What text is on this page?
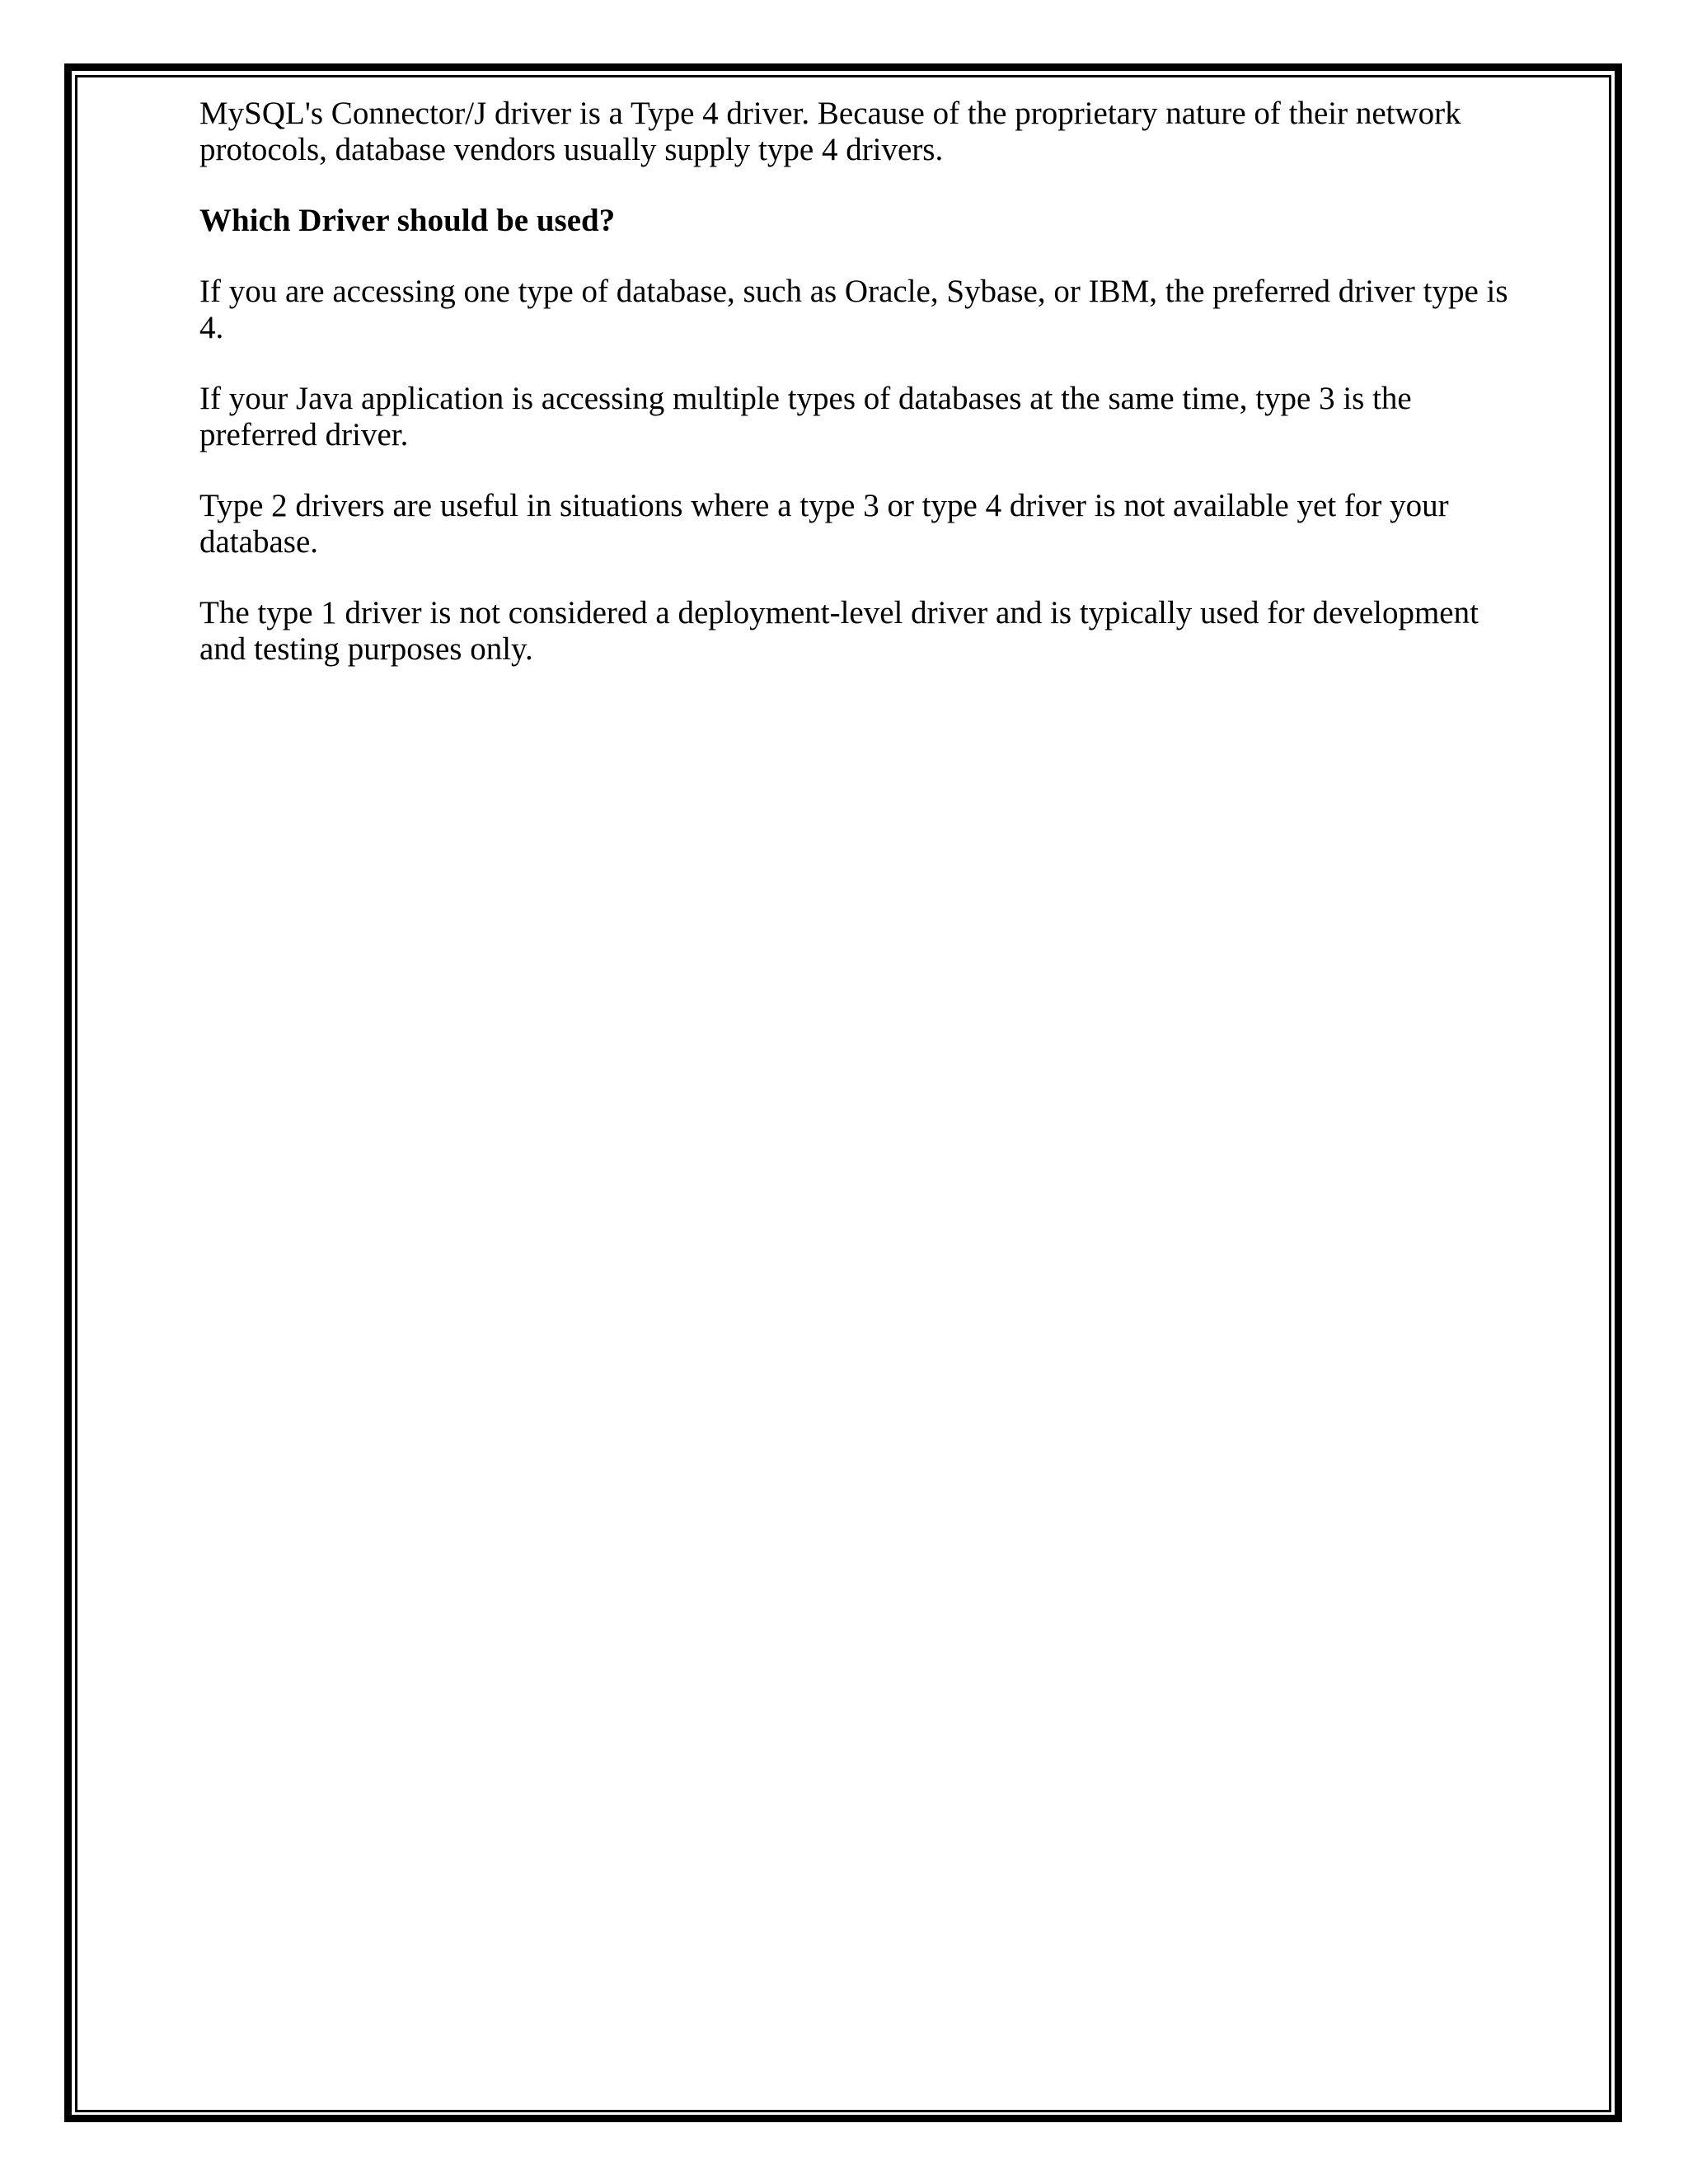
MySQL's Connector/J driver is a Type 4 driver. Because of the proprietary nature of their network protocols, database vendors usually supply type 4 drivers.

Which Driver should be used?

If you are accessing one type of database, such as Oracle, Sybase, or IBM, the preferred driver type is 4.

If your Java application is accessing multiple types of databases at the same time, type 3 is the preferred driver.

Type 2 drivers are useful in situations where a type 3 or type 4 driver is not available yet for your database.

The type 1 driver is not considered a deployment-level driver and is typically used for development and testing purposes only.
